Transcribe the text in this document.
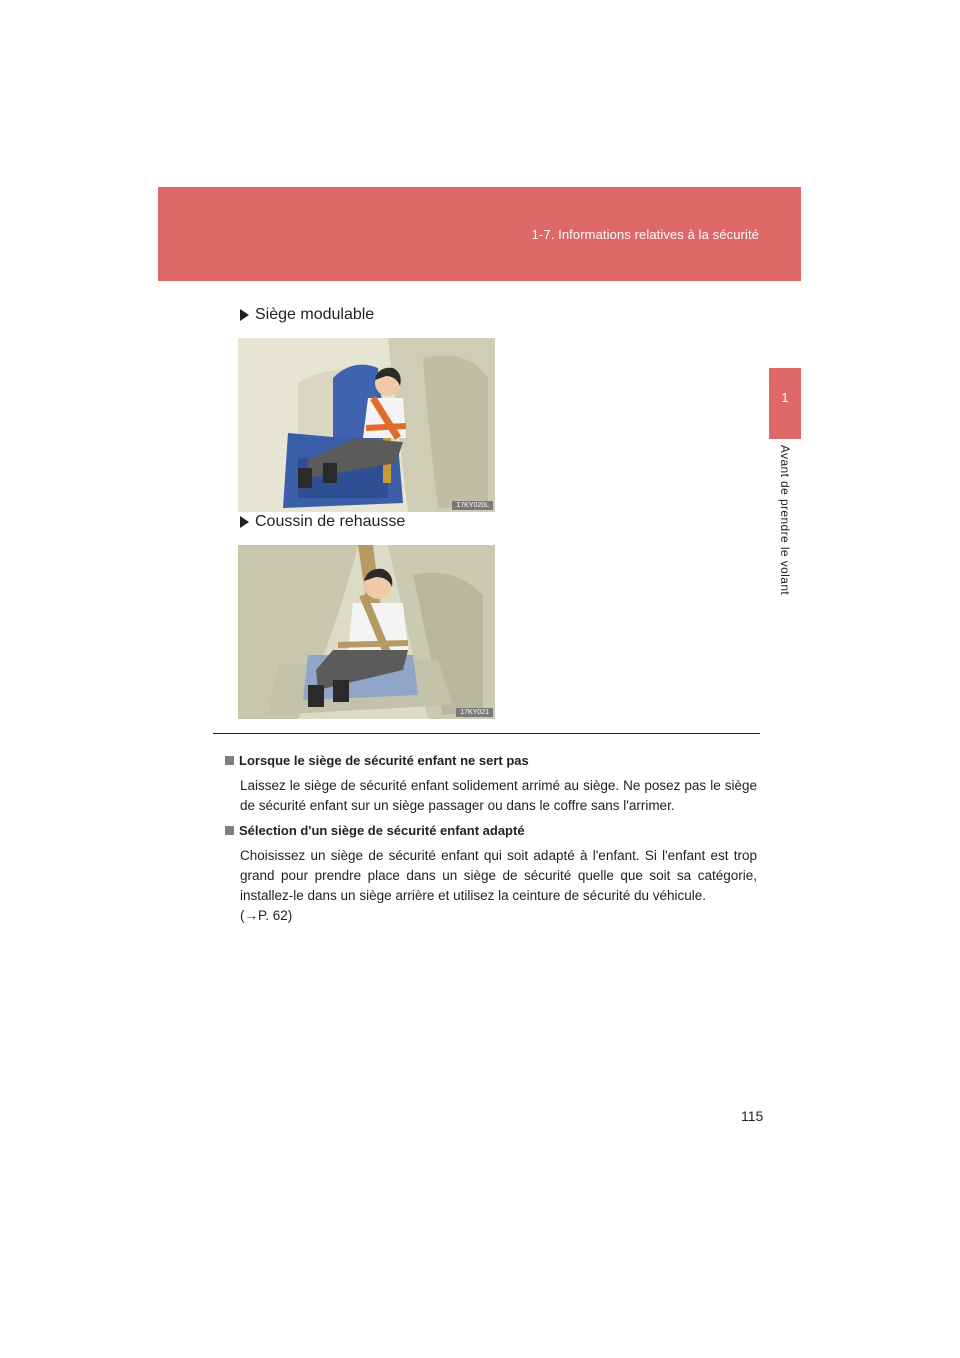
1-7. Informations relatives à la sécurité
1
Avant de prendre le volant
Siège modulable
17KY020L
Coussin de rehausse
17KY021
Lorsque le siège de sécurité enfant ne sert pas
Laissez le siège de sécurité enfant solidement arrimé au siège. Ne posez pas le siège de sécurité enfant sur un siège passager ou dans le coffre sans l'arrimer.
Sélection d'un siège de sécurité enfant adapté
Choisissez un siège de sécurité enfant qui soit adapté à l'enfant. Si l'enfant est trop grand pour prendre place dans un siège de sécurité quelle que soit sa catégorie, installez-le dans un siège arrière et utilisez la ceinture de sécurité du véhicule.
(→P. 62)
115
